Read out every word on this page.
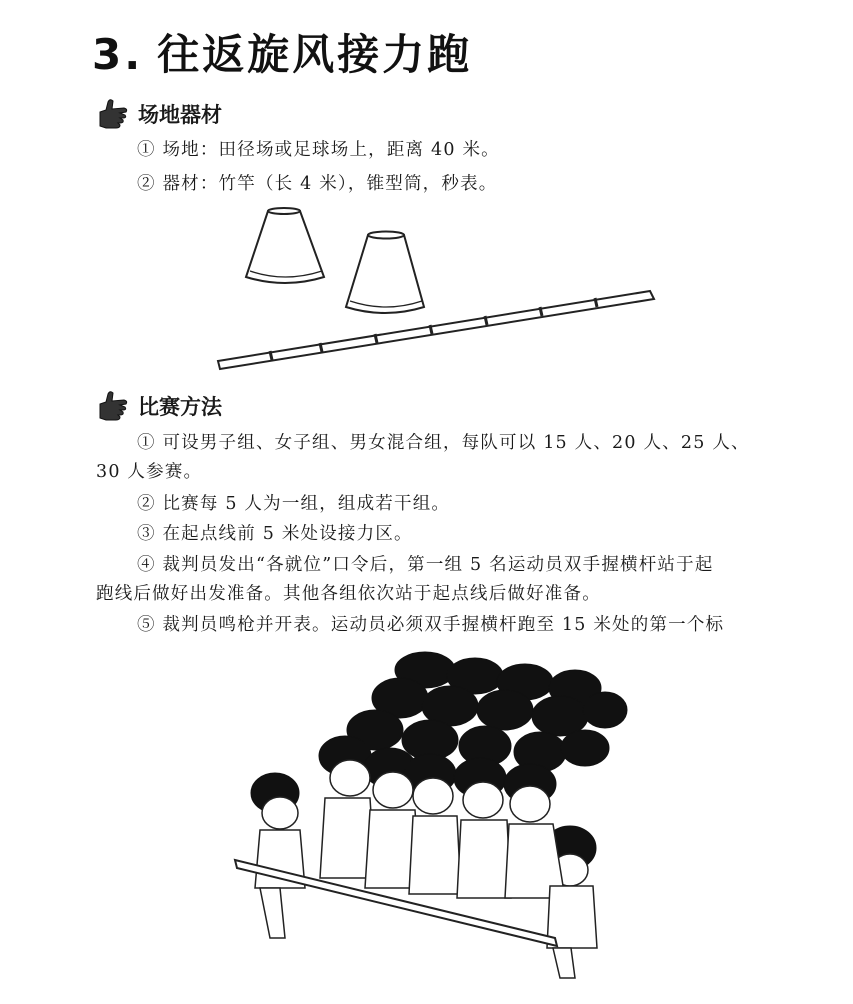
3. 往返旋风接力跑
场地器材
① 场地：田径场或足球场上，距离 40 米。
② 器材：竹竿（长 4 米），锥型筒，秒表。
比赛方法
① 可设男子组、女子组、男女混合组，每队可以 15 人、20 人、25 人、
30 人参赛。
② 比赛每 5 人为一组，组成若干组。
③ 在起点线前 5 米处设接力区。
④ 裁判员发出“各就位”口令后，第一组 5 名运动员双手握横杆站于起
跑线后做好出发准备。其他各组依次站于起点线后做好准备。
⑤ 裁判员鸣枪并开表。运动员必须双手握横杆跑至 15 米处的第一个标
